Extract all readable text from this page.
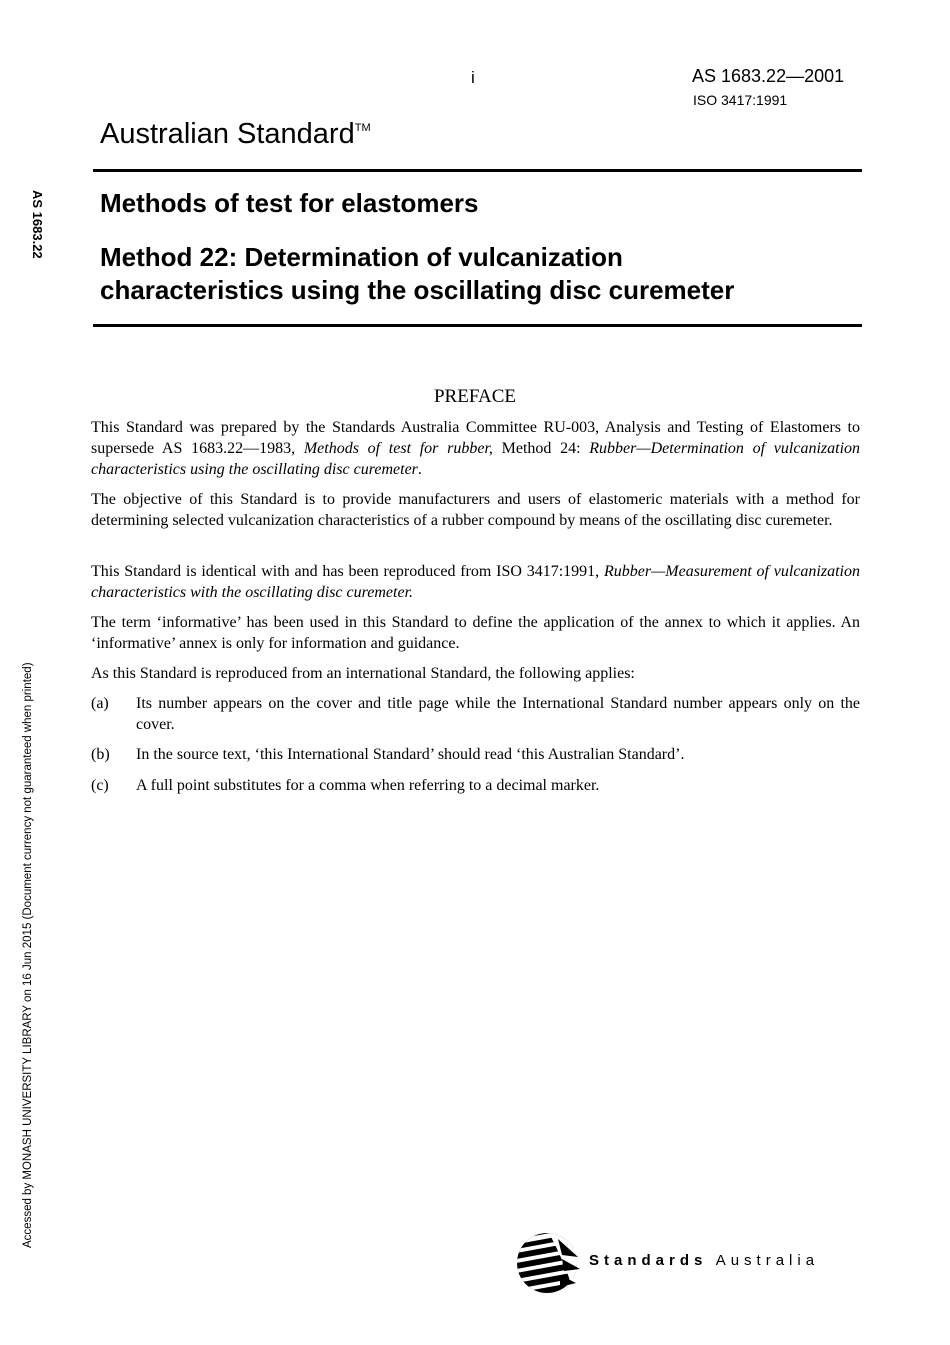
i	AS 1683.22—2001
ISO 3417:1991
Australian Standard™
AS 1683.22
Accessed by MONASH UNIVERSITY LIBRARY on 16 Jun 2015 (Document currency not guaranteed when printed)
Methods of test for elastomers
Method 22: Determination of vulcanization
characteristics using the oscillating disc curemeter
PREFACE
This Standard was prepared by the Standards Australia Committee RU-003, Analysis and Testing of Elastomers to supersede AS 1683.22—1983, Methods of test for rubber, Method 24: Rubber—Determination of vulcanization characteristics using the oscillating disc curemeter.
The objective of this Standard is to provide manufacturers and users of elastomeric materials with a method for determining selected vulcanization characteristics of a rubber compound by means of the oscillating disc curemeter.
This Standard is identical with and has been reproduced from ISO 3417:1991, Rubber—Measurement of vulcanization characteristics with the oscillating disc curemeter.
The term ‘informative’ has been used in this Standard to define the application of the annex to which it applies. An ‘informative’ annex is only for information and guidance.
As this Standard is reproduced from an international Standard, the following applies:
(a)	Its number appears on the cover and title page while the International Standard number appears only on the cover.
(b)	In the source text, ‘this International Standard’ should read ‘this Australian Standard’.
(c)	A full point substitutes for a comma when referring to a decimal marker.
Standards Australia
